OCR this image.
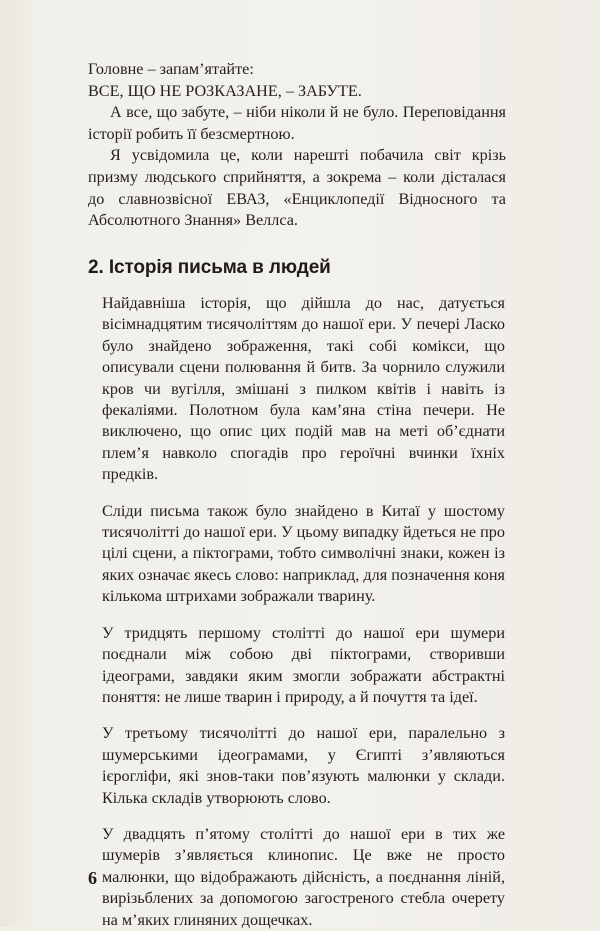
Головне – запам’ятайте:

ВСЕ, ЩО НЕ РОЗКАЗАНЕ, – ЗАБУТЕ.

А все, що забуте, – ніби ніколи й не було. Переповідання історії робить її безсмертною.

Я усвідомила це, коли нарешті побачила світ крізь призму людського сприйняття, а зокрема – коли дісталася до славнозвісної ЕВАЗ, «Енциклопедії Відносного та Абсолютного Знання» Веллса.

2. Історія письма в людей

Найдавніша історія, що дійшла до нас, датується вісімнадцятим тисячоліттям до нашої ери. У печері Ласко було знайдено зображення, такі собі комікси, що описували сцени полювання й битв. За чорнило служили кров чи вугілля, змішані з пилком квітів і навіть із фекаліями. Полотном була кам’яна стіна печери. Не виключено, що опис цих подій мав на меті об’єднати плем’я навколо спогадів про героїчні вчинки їхніх предків.

Сліди письма також було знайдено в Китаї у шостому тисячолітті до нашої ери. У цьому випадку йдеться не про цілі сцени, а піктограми, тобто символічні знаки, кожен із яких означає якесь слово: наприклад, для позначення коня кількома штрихами зображали тварину.

У тридцять першому столітті до нашої ери шумери поєднали між собою дві піктограми, створивши ідеограми, завдяки яким змогли зображати абстрактні поняття: не лише тварин і природу, а й почуття та ідеї.

У третьому тисячолітті до нашої ери, паралельно з шумерськими ідеограмами, у Єгипті з’являються ієрогліфи, які знов-таки пов’язують малюнки у склади. Кілька складів утворюють слово.

У двадцять п’ятому столітті до нашої ери в тих же шумерів з’являється клинопис. Це вже не просто малюнки, що відображають дійсність, а поєднання ліній, вирізьблених за допомогою загостреного стебла очерету на м’яких глиняних дощечках.

6
